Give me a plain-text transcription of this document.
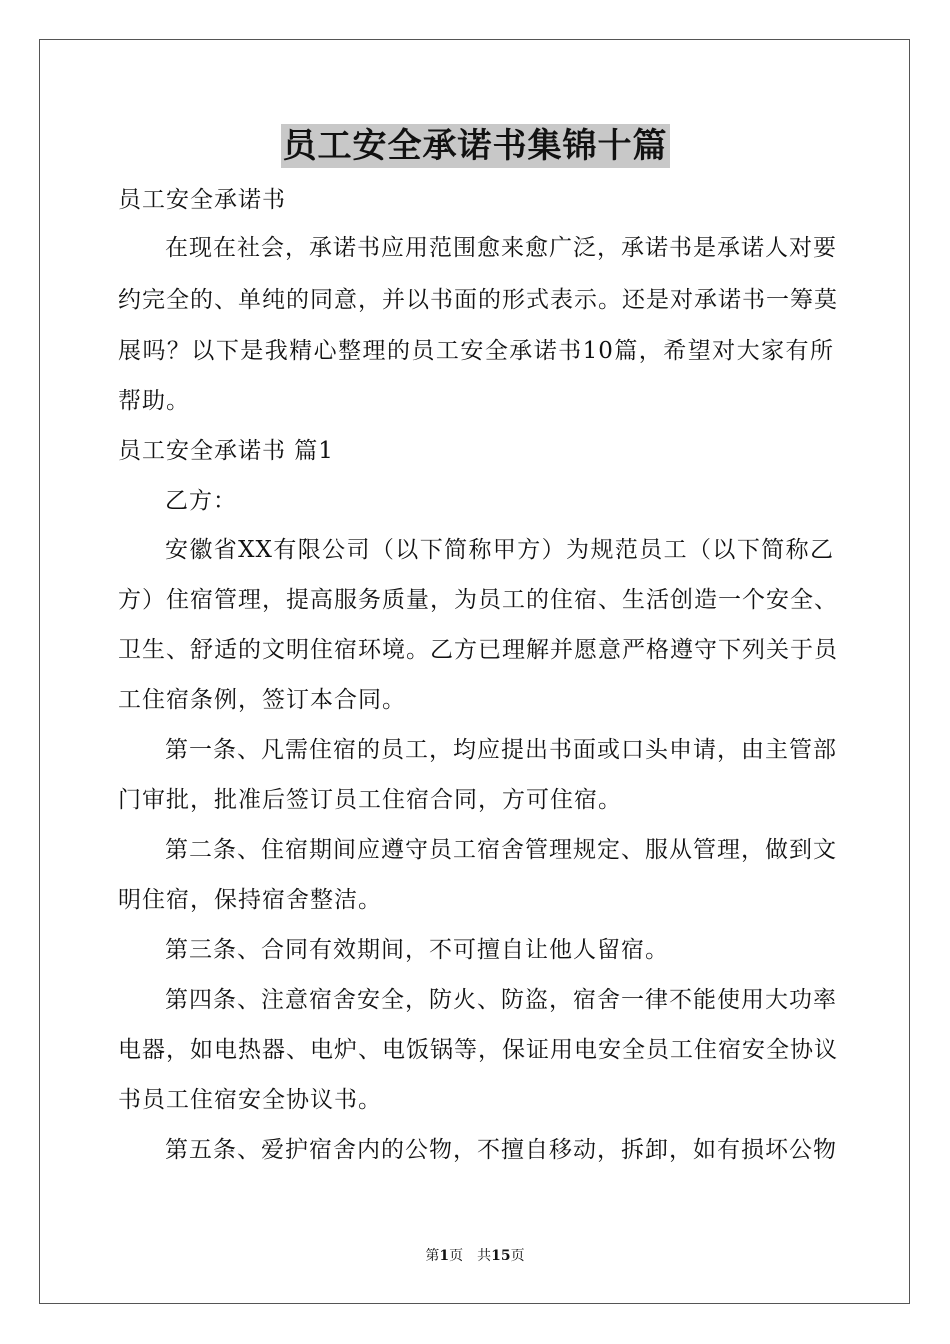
员工安全承诺书集锦十篇
员工安全承诺书
在现在社会，承诺书应用范围愈来愈广泛，承诺书是承诺人对要
约完全的、单纯的同意，并以书面的形式表示。还是对承诺书一筹莫
展吗？以下是我精心整理的员工安全承诺书10篇，希望对大家有所
帮助。
员工安全承诺书 篇1
乙方：
安徽省XX有限公司（以下简称甲方）为规范员工（以下简称乙
方）住宿管理，提高服务质量，为员工的住宿、生活创造一个安全、
卫生、舒适的文明住宿环境。乙方已理解并愿意严格遵守下列关于员
工住宿条例，签订本合同。
第一条、凡需住宿的员工，均应提出书面或口头申请，由主管部
门审批，批准后签订员工住宿合同，方可住宿。
第二条、住宿期间应遵守员工宿舍管理规定、服从管理，做到文
明住宿，保持宿舍整洁。
第三条、合同有效期间，不可擅自让他人留宿。
第四条、注意宿舍安全，防火、防盗，宿舍一律不能使用大功率
电器，如电热器、电炉、电饭锅等，保证用电安全员工住宿安全协议
书员工住宿安全协议书。
第五条、爱护宿舍内的公物，不擅自移动，拆卸，如有损坏公物
第1页　共15页
